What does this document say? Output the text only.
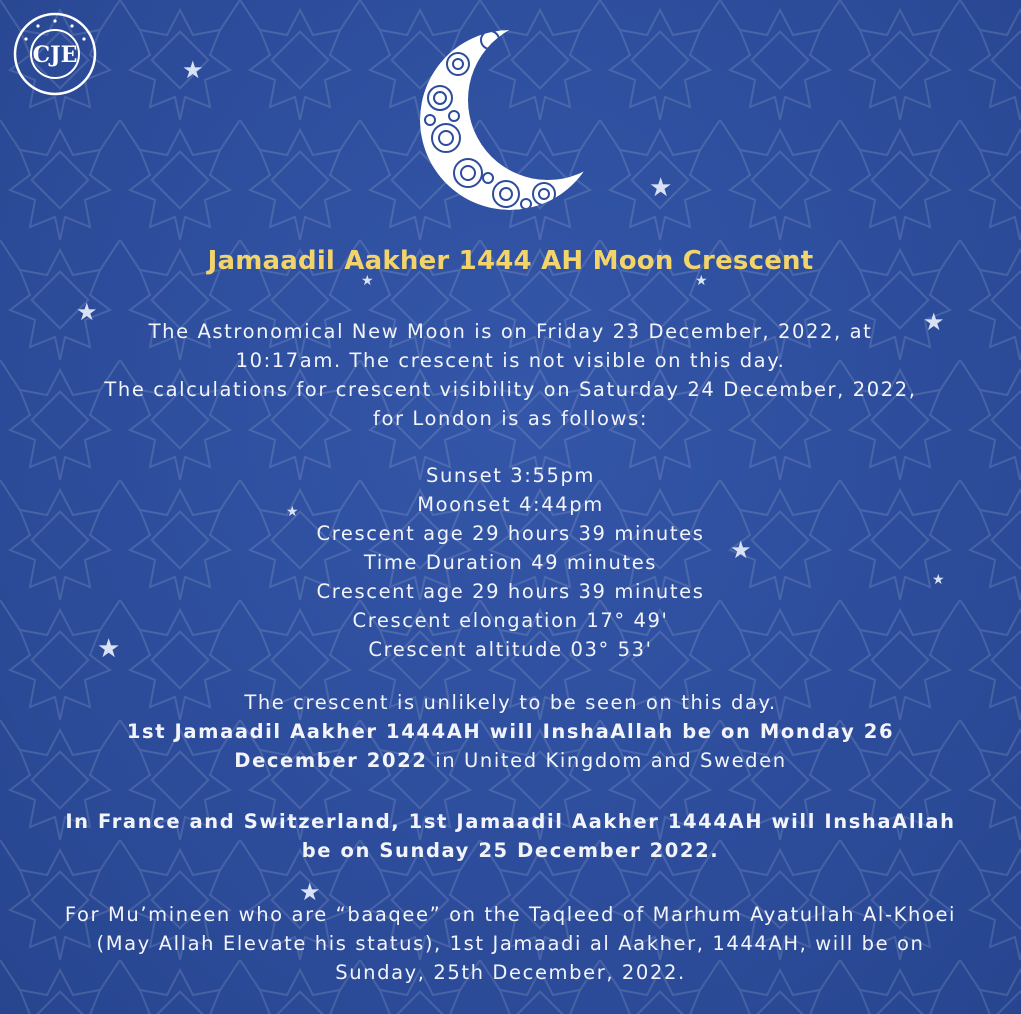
CJE
★
★
★	★
★	★
★
★
★
★
★
Jamaadil Aakher 1444 AH Moon Crescent
The Astronomical New Moon is on Friday 23 December, 2022, at
10:17am. The crescent is not visible on this day.
The calculations for crescent visibility on Saturday 24 December, 2022,
for London is as follows:
Sunset 3:55pm
Moonset 4:44pm
Crescent age 29 hours 39 minutes
Time Duration 49 minutes
Crescent age 29 hours 39 minutes
Crescent elongation 17° 49'
Crescent altitude 03° 53'
The crescent is unlikely to be seen on this day.
1st Jamaadil Aakher 1444AH will InshaAllah be on Monday 26
December 2022 in United Kingdom and Sweden
In France and Switzerland, 1st Jamaadil Aakher 1444AH will InshaAllah
be on Sunday 25 December 2022.
For Mu’mineen who are “baaqee” on the Taqleed of Marhum Ayatullah Al-Khoei
(May Allah Elevate his status), 1st Jamaadi al Aakher, 1444AH, will be on
Sunday, 25th December, 2022.
